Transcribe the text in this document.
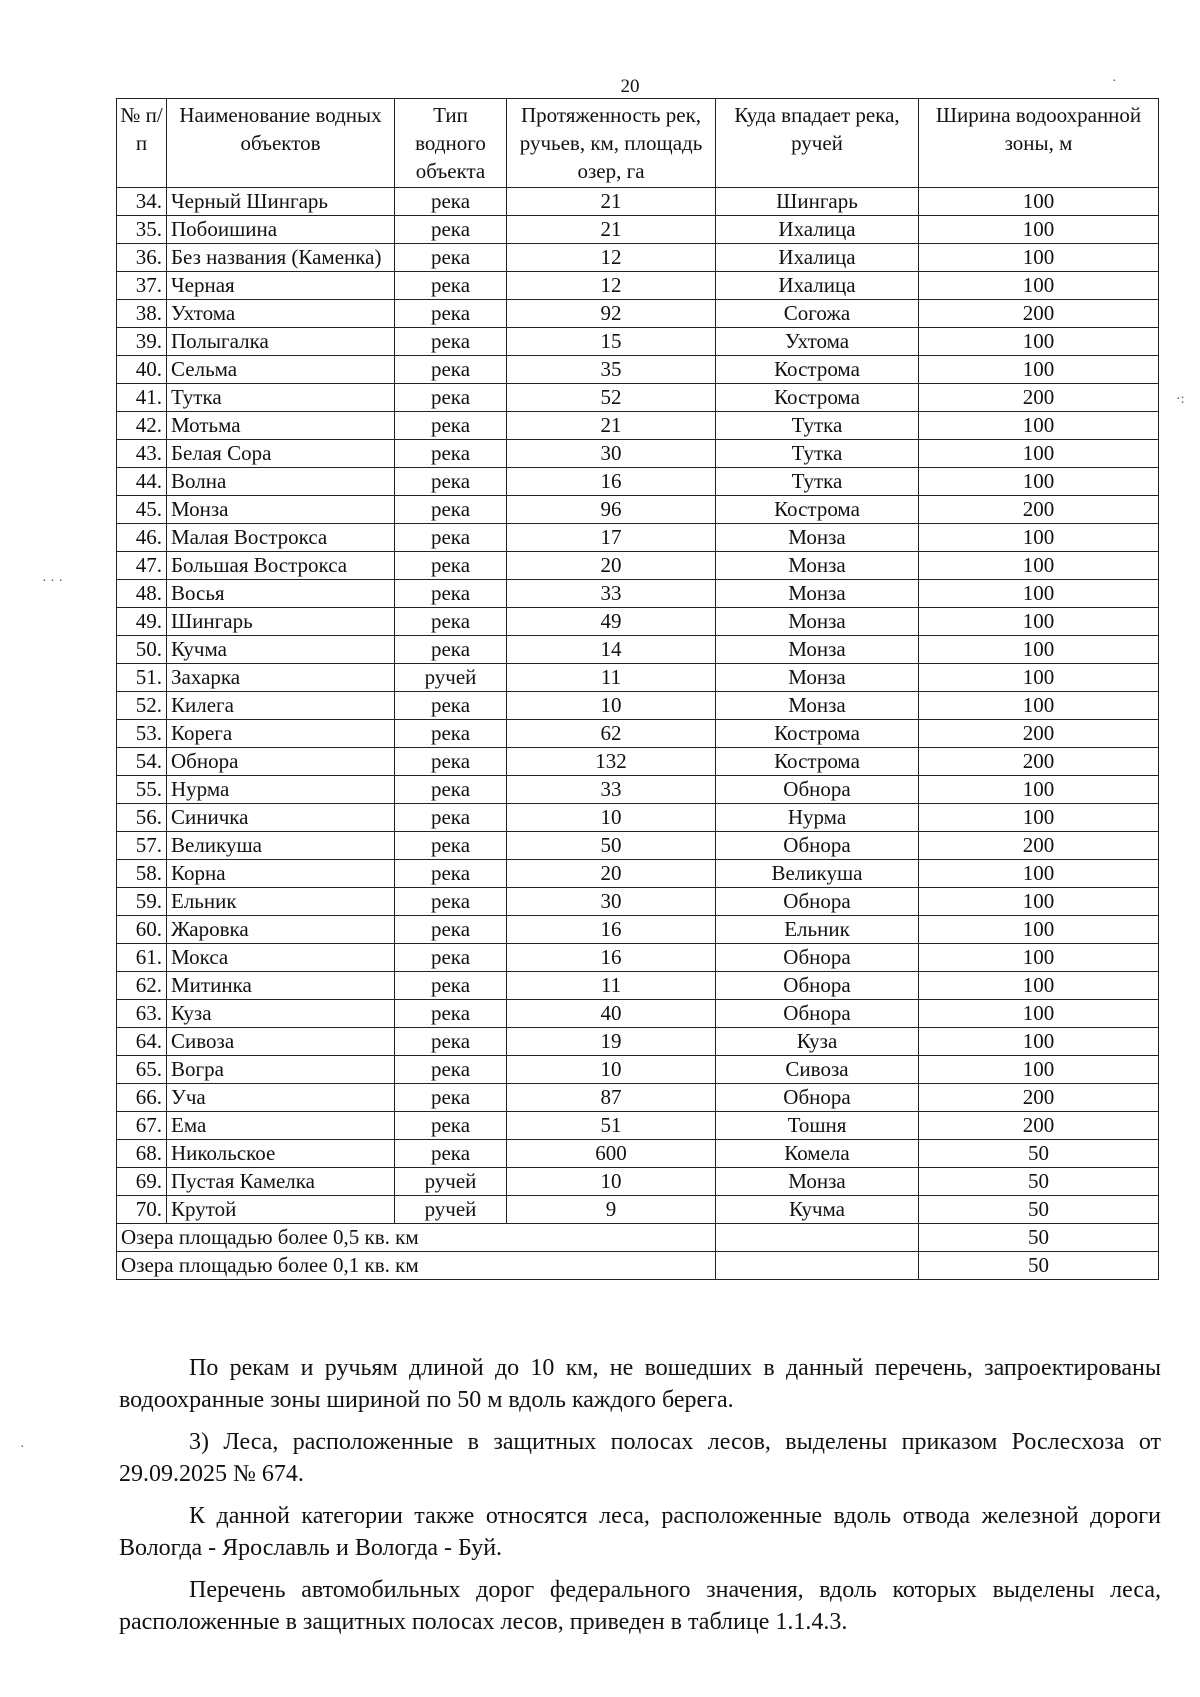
20
№ п/п	Наименование водных объектов	Тип водного объекта	Протяженность рек, ручьев, км, площадь озер, га	Куда впадает река, ручей	Ширина водоохранной зоны, м
34.	Черный Шингарь	река	21	Шингарь	100
35.	Побоишина	река	21	Ихалица	100
36.	Без названия (Каменка)	река	12	Ихалица	100
37.	Черная	река	12	Ихалица	100
38.	Ухтома	река	92	Согожа	200
39.	Полыгалка	река	15	Ухтома	100
40.	Сельма	река	35	Кострома	100
41.	Тутка	река	52	Кострома	200
42.	Мотьма	река	21	Тутка	100
43.	Белая Сора	река	30	Тутка	100
44.	Волна	река	16	Тутка	100
45.	Монза	река	96	Кострома	200
46.	Малая Вострокса	река	17	Монза	100
47.	Большая Вострокса	река	20	Монза	100
48.	Восья	река	33	Монза	100
49.	Шингарь	река	49	Монза	100
50.	Кучма	река	14	Монза	100
51.	Захарка	ручей	11	Монза	100
52.	Килега	река	10	Монза	100
53.	Корега	река	62	Кострома	200
54.	Обнора	река	132	Кострома	200
55.	Нурма	река	33	Обнора	100
56.	Синичка	река	10	Нурма	100
57.	Великуша	река	50	Обнора	200
58.	Корна	река	20	Великуша	100
59.	Ельник	река	30	Обнора	100
60.	Жаровка	река	16	Ельник	100
61.	Мокса	река	16	Обнора	100
62.	Митинка	река	11	Обнора	100
63.	Куза	река	40	Обнора	100
64.	Сивоза	река	19	Куза	100
65.	Вогра	река	10	Сивоза	100
66.	Уча	река	87	Обнора	200
67.	Ема	река	51	Тошня	200
68.	Никольское	река	600	Комела	50
69.	Пустая Камелка	ручей	10	Монза	50
70.	Крутой	ручей	9	Кучма	50
Озера площадью более 0,5 кв. км					50
Озера площадью более 0,1 кв. км					50

По рекам и ручьям длиной до 10 км, не вошедших в данный перечень, запроектированы водоохранные зоны шириной по 50 м вдоль каждого берега.

3) Леса, расположенные в защитных полосах лесов, выделены приказом Рослесхоза от 29.09.2025 № 674.

К данной категории также относятся леса, расположенные вдоль отвода железной дороги Вологда - Ярославль и Вологда - Буй.

Перечень автомобильных дорог федерального значения, вдоль которых выделены леса, расположенные в защитных полосах лесов, приведен в таблице 1.1.4.3.

·
·:
· · ·
·
